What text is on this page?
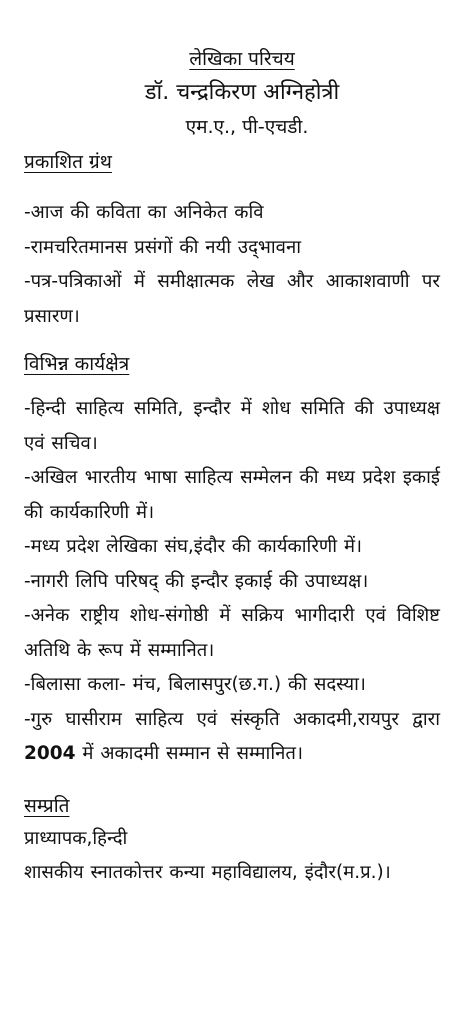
लेखिका परिचय
डॉ. चन्द्रकिरण अग्निहोत्री
एम.ए., पी-एचडी.
प्रकाशित ग्रंथ

-आज की कविता का अनिकेत कवि

-रामचरितमानस प्रसंगों की नयी उद्‌भावना

-पत्र-पत्रिकाओं में समीक्षात्मक लेख और आकाशवाणी पर प्रसारण।

विभिन्न कार्यक्षेत्र

-हिन्दी साहित्य समिति, इन्दौर में शोध समिति की उपाध्यक्ष एवं सचिव।

-अखिल भारतीय भाषा साहित्य सम्मेलन की मध्य प्रदेश इकाई की कार्यकारिणी में।

-मध्य प्रदेश लेखिका संघ,इंदौर की कार्यकारिणी में।

-नागरी लिपि परिषद् की इन्दौर इकाई की उपाध्यक्ष।

-अनेक राष्ट्रीय शोध-संगोष्ठी में सक्रिय भागीदारी एवं विशिष्ट अतिथि के रूप में सम्मानित।

-बिलासा कला- मंच, बिलासपुर(छ.ग.) की सदस्या।

-गुरु घासीराम साहित्य एवं संस्कृति अकादमी,रायपुर द्वारा 2004 में अकादमी सम्मान से सम्मानित।

सम्प्रति

प्राध्यापक,हिन्दी

शासकीय स्नातकोत्तर कन्या महाविद्यालय, इंदौर(म.प्र.)।
